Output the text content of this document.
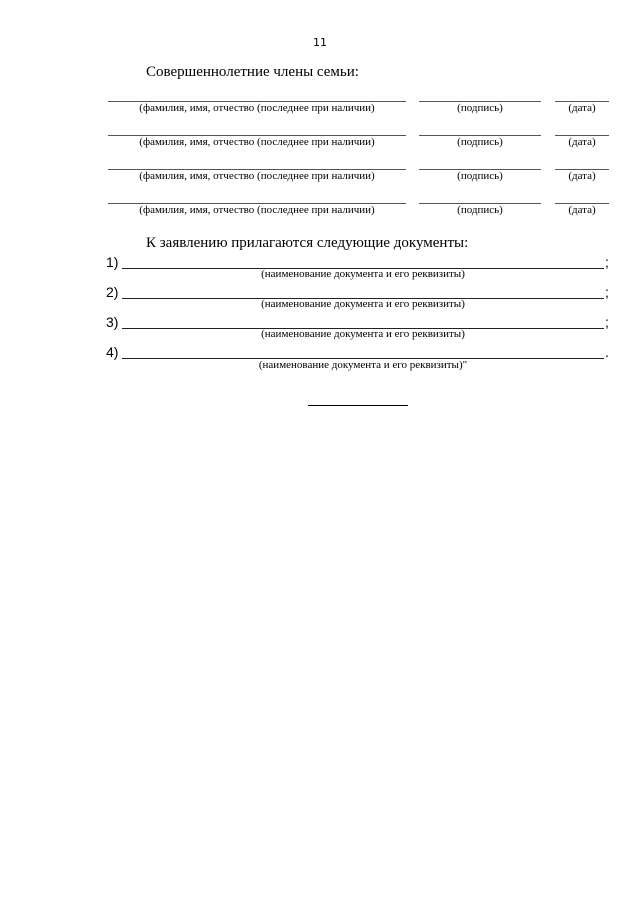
11
Совершеннолетние члены семьи:
(фамилия, имя, отчество (последнее при наличии)	(подпись)	(дата)
(фамилия, имя, отчество (последнее при наличии)	(подпись)	(дата)
(фамилия, имя, отчество (последнее при наличии)	(подпись)	(дата)
(фамилия, имя, отчество (последнее при наличии)	(подпись)	(дата)
К заявлению прилагаются следующие документы:
1)	;
(наименование документа и его реквизиты)
2)	;
(наименование документа и его реквизиты)
3)	;
(наименование документа и его реквизиты)
4)	.
(наименование документа и его реквизиты)"
